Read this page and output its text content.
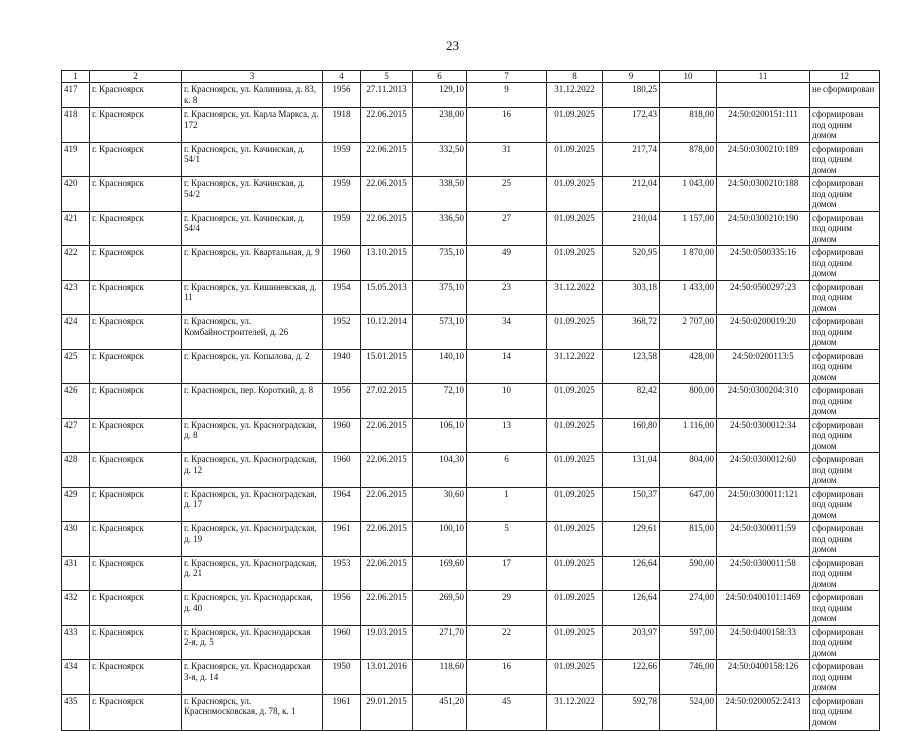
23
1	2	3	4	5	6	7	8	9	10	11	12
417	г. Красноярск	г. Красноярск, ул. Калинина, д. 83, к. 8	1956	27.11.2013	129,10	9	31.12.2022	180,25			не сформирован
418	г. Красноярск	г. Красноярск, ул. Карла Маркса, д. 172	1918	22.06.2015	238,00	16	01.09.2025	172,43	818,00	24:50:0200151:111	сформирован под одним домом
419	г. Красноярск	г. Красноярск, ул. Качинская, д. 54/1	1959	22.06.2015	332,50	31	01.09.2025	217,74	878,00	24:50:0300210:189	сформирован под одним домом
420	г. Красноярск	г. Красноярск, ул. Качинская, д. 54/2	1959	22.06.2015	338,50	25	01.09.2025	212,04	1 043,00	24:50:0300210:188	сформирован под одним домом
421	г. Красноярск	г. Красноярск, ул. Качинская, д. 54/4	1959	22.06.2015	336,50	27	01.09.2025	210,04	1 157,00	24:50:0300210:190	сформирован под одним домом
422	г. Красноярск	г. Красноярск, ул. Квартальная, д. 9	1960	13.10.2015	735,10	49	01.09.2025	520,95	1 870,00	24:50:0500335:16	сформирован под одним домом
423	г. Красноярск	г. Красноярск, ул. Кишиневская, д. 11	1954	15.05.2013	375,10	23	31.12.2022	303,18	1 433,00	24:50:0500297:23	сформирован под одним домом
424	г. Красноярск	г. Красноярск, ул. Комбайностроителей, д. 26	1952	10.12.2014	573,10	34	01.09.2025	368,72	2 707,00	24:50:0200019:20	сформирован под одним домом
425	г. Красноярск	г. Красноярск, ул. Копылова, д. 2	1940	15.01.2015	140,10	14	31.12.2022	123,58	428,00	24:50:0200113:5	сформирован под одним домом
426	г. Красноярск	г. Красноярск, пер. Короткий, д. 8	1956	27.02.2015	72,10	10	01.09.2025	82,42	800,00	24:50:0300204:310	сформирован под одним домом
427	г. Красноярск	г. Красноярск, ул. Красноградская, д. 8	1960	22.06.2015	106,10	13	01.09.2025	160,80	1 116,00	24:50:0300012:34	сформирован под одним домом
428	г. Красноярск	г. Красноярск, ул. Красноградская, д. 12	1960	22.06.2015	104,30	6	01.09.2025	131,04	804,00	24:50:0300012:60	сформирован под одним домом
429	г. Красноярск	г. Красноярск, ул. Красноградская, д. 17	1964	22.06.2015	30,60	1	01.09.2025	150,37	647,00	24:50:0300011:121	сформирован под одним домом
430	г. Красноярск	г. Красноярск, ул. Красноградская, д. 19	1961	22.06.2015	100,10	5	01.09.2025	129,61	815,00	24:50:0300011:59	сформирован под одним домом
431	г. Красноярск	г. Красноярск, ул. Красноградская, д. 21	1953	22.06.2015	169,60	17	01.09.2025	126,64	590,00	24:50:0300011:58	сформирован под одним домом
432	г. Красноярск	г. Красноярск, ул. Краснодарская, д. 40	1956	22.06.2015	269,50	29	01.09.2025	126,64	274,00	24:50:0400101:1469	сформирован под одним домом
433	г. Красноярск	г. Красноярск, ул. Краснодарская 2-я, д. 5	1960	19.03.2015	271,70	22	01.09.2025	203,97	597,00	24:50:0400158:33	сформирован под одним домом
434	г. Красноярск	г. Красноярск, ул. Краснодарская 3-я, д. 14	1950	13.01.2016	118,60	16	01.09.2025	122,66	746,00	24:50:0400158:126	сформирован под одним домом
435	г. Красноярск	г. Красноярск, ул. Красномосковская, д. 78, к. 1	1961	29.01.2015	451,20	45	31.12.2022	592,78	524,00	24:50:0200052:2413	сформирован под одним домом
